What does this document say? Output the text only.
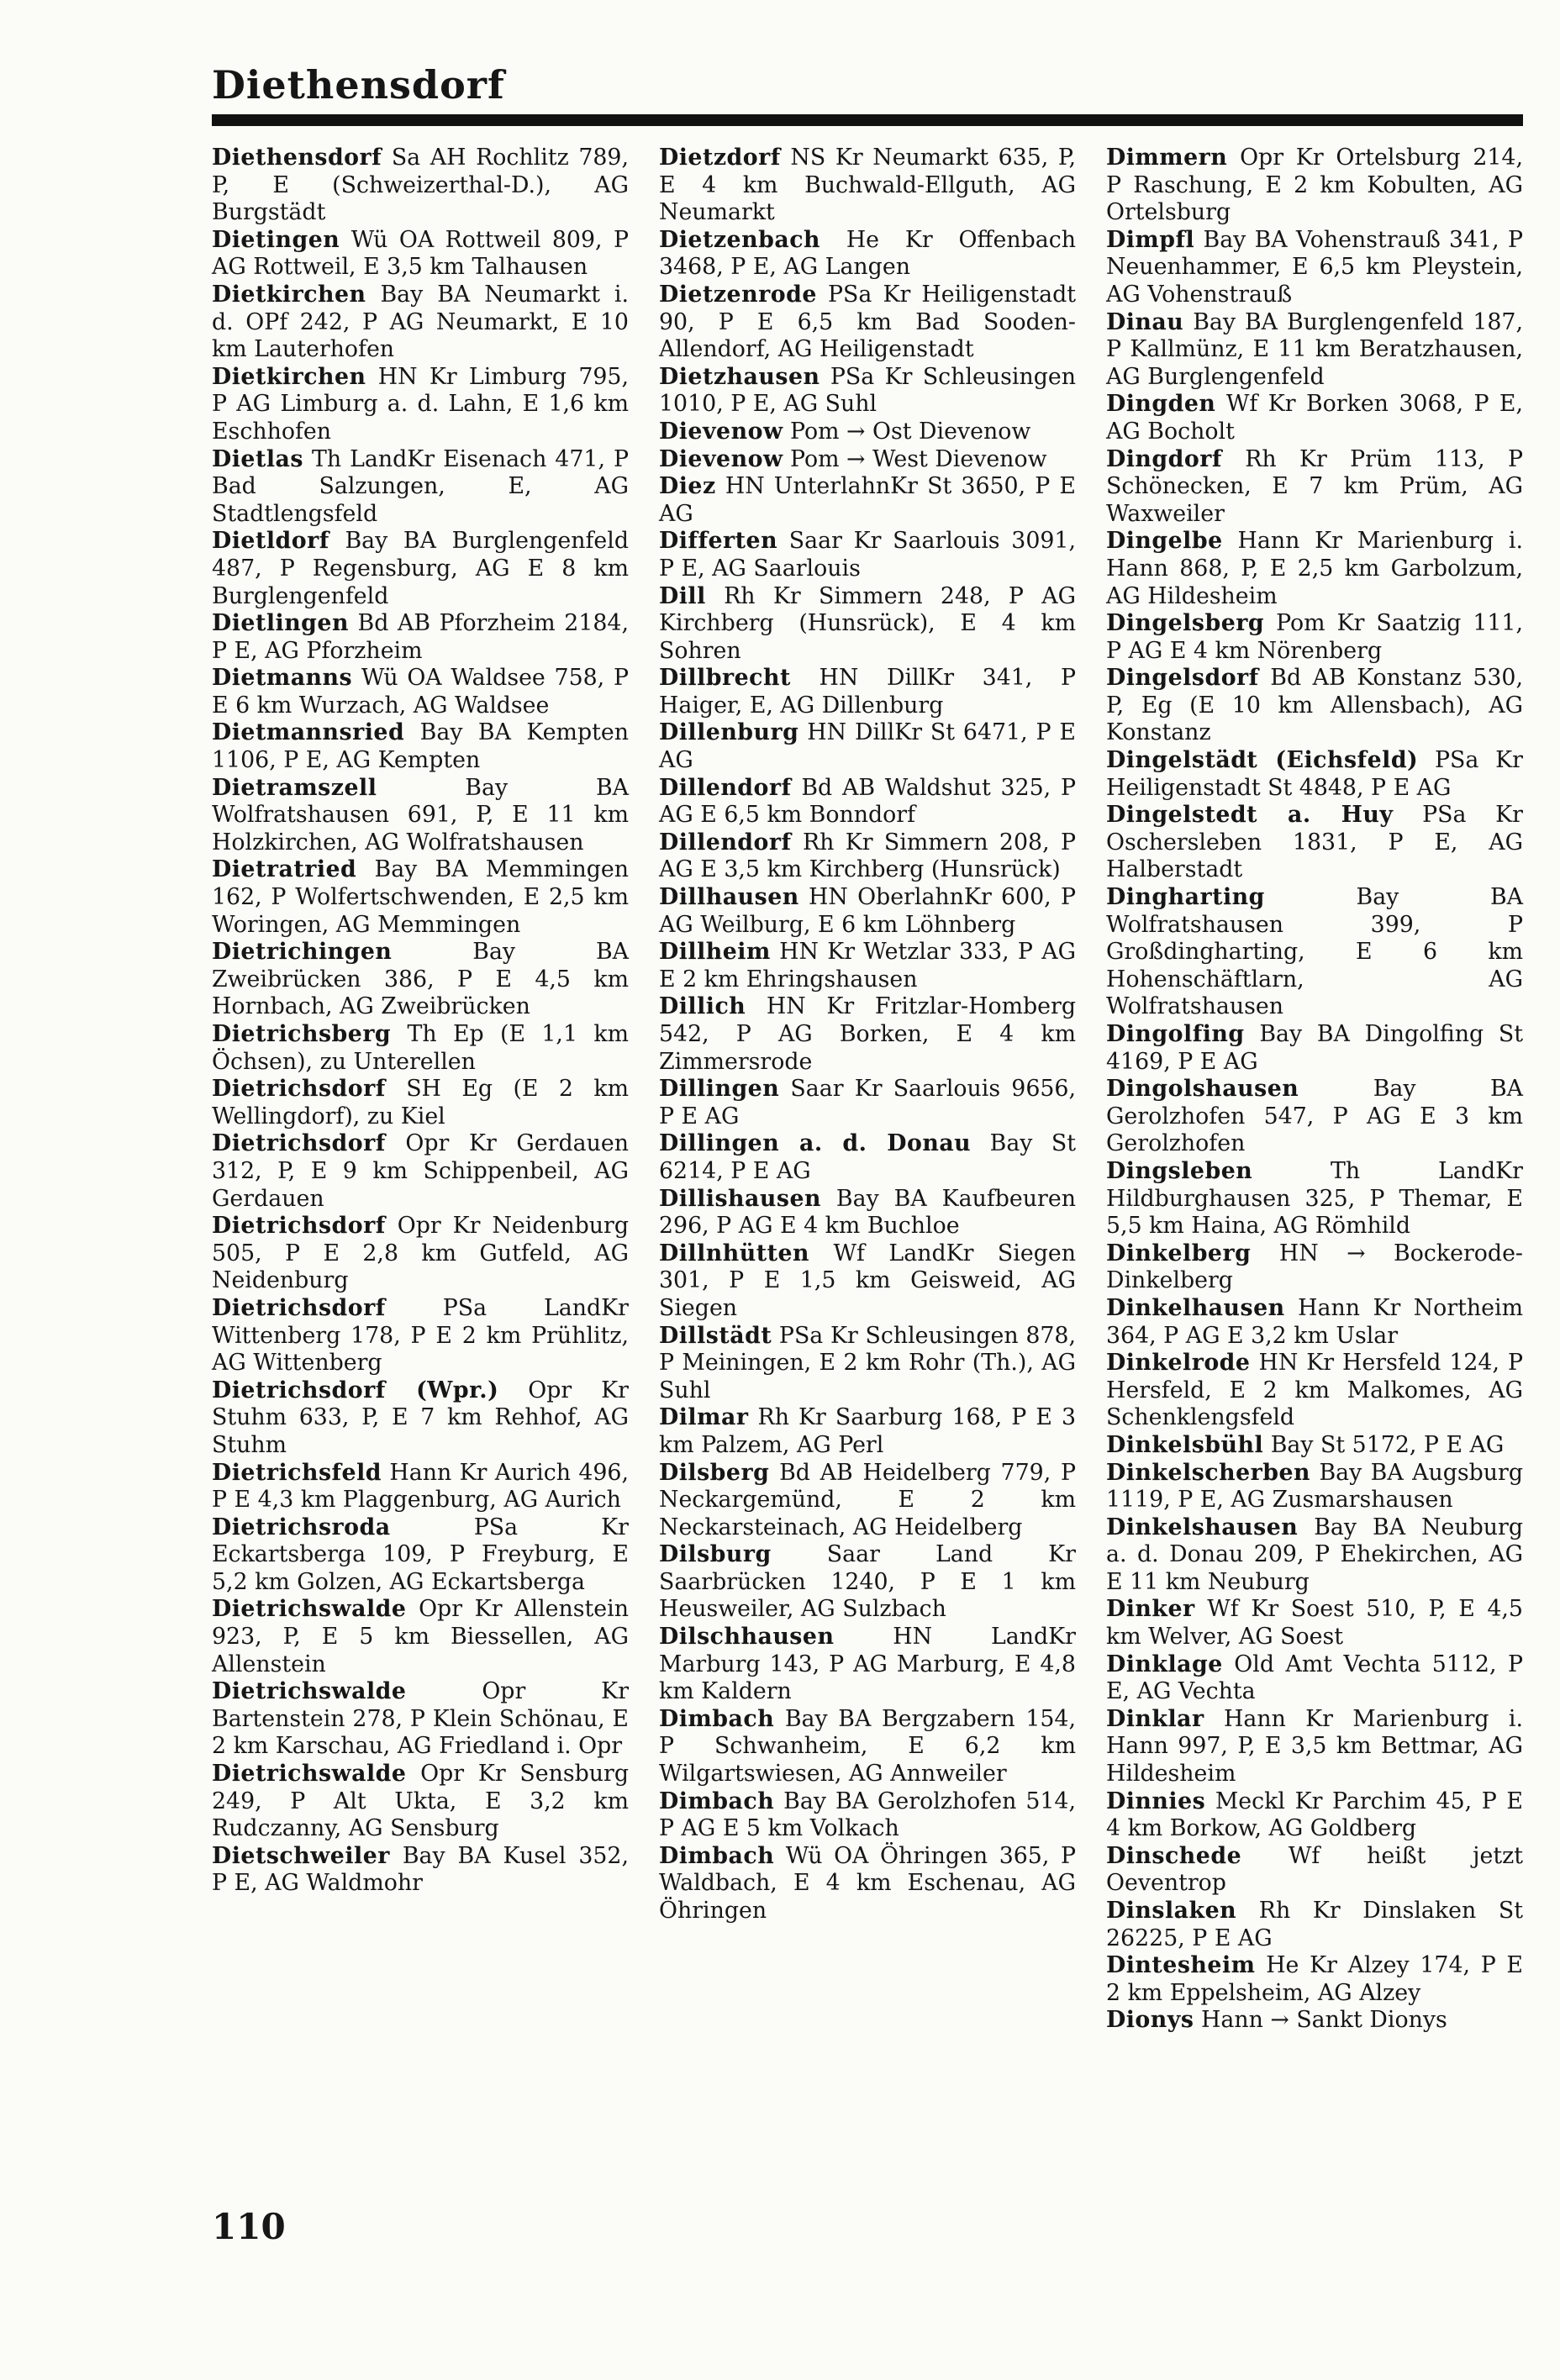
Diethensdorf
Diethensdorf Sa AH Rochlitz 789, P, E (Schweizerthal-D.), AG Burgstädt
Dietingen Wü OA Rottweil 809, P AG Rottweil, E 3,5 km Talhausen
Dietkirchen Bay BA Neumarkt i. d. OPf 242, P AG Neumarkt, E 10 km Lauterhofen
Dietkirchen HN Kr Limburg 795, P AG Limburg a. d. Lahn, E 1,6 km Eschhofen
Dietlas Th LandKr Eisenach 471, P Bad Salzungen, E, AG Stadtlengsfeld
Dietldorf Bay BA Burglengenfeld 487, P Regensburg, AG E 8 km Burglengenfeld
Dietlingen Bd AB Pforzheim 2184, P E, AG Pforzheim
Dietmanns Wü OA Waldsee 758, P E 6 km Wurzach, AG Waldsee
Dietmannsried Bay BA Kempten 1106, P E, AG Kempten
Dietramszell	Bay BA Wolfratshausen 691, P, E 11 km Holzkirchen, AG Wolfratshausen
Dietratried Bay BA Memmingen 162, P Wolfertschwenden, E 2,5 km Woringen, AG Memmingen
Dietrichingen	Bay BA Zweibrücken 386, P E 4,5 km Hornbach, AG Zweibrücken
Dietrichsberg Th Ep (E 1,1 km Öchsen), zu Unterellen
Dietrichsdorf SH Eg (E 2 km Wellingdorf), zu Kiel
Dietrichsdorf Opr Kr Gerdauen 312, P, E 9 km Schippenbeil, AG Gerdauen
Dietrichsdorf Opr Kr Neidenburg 505, P E 2,8 km Gutfeld, AG Neidenburg
Dietrichsdorf	PSa LandKr Wittenberg 178, P E 2 km Prühlitz, AG Wittenberg
Dietrichsdorf (Wpr.) Opr Kr Stuhm 633, P, E 7 km Rehhof, AG Stuhm
Dietrichsfeld Hann Kr Aurich 496, P E 4,3 km Plaggenburg, AG Aurich
Dietrichsroda	PSa Kr Eckartsberga 109, P Freyburg, E 5,2 km Golzen, AG Eckartsberga
Dietrichswalde Opr Kr Allenstein 923, P, E 5 km Biessellen, AG Allenstein
Dietrichswalde	Opr Kr Bartenstein 278, P Klein Schönau, E 2 km Karschau, AG Friedland i. Opr
Dietrichswalde Opr Kr Sensburg 249, P Alt Ukta, E 3,2 km Rudczanny, AG Sensburg
Dietschweiler Bay BA Kusel 352, P E, AG Waldmohr
Dietzdorf NS Kr Neumarkt 635, P, E 4 km Buchwald-Ellguth, AG Neumarkt
Dietzenbach He Kr Offenbach 3468, P E, AG Langen
Dietzenrode PSa Kr Heiligenstadt 90, P E 6,5 km Bad Sooden-Allendorf, AG Heiligenstadt
Dietzhausen PSa Kr Schleusingen 1010, P E, AG Suhl
Dievenow Pom → Ost Dievenow
Dievenow Pom → West Dievenow
Diez HN UnterlahnKr St 3650, P E AG
Differten Saar Kr Saarlouis 3091, P E, AG Saarlouis
Dill Rh Kr Simmern 248, P AG Kirchberg (Hunsrück), E 4 km Sohren
Dillbrecht HN DillKr 341, P Haiger, E, AG Dillenburg
Dillenburg HN DillKr St 6471, P E AG
Dillendorf Bd AB Waldshut 325, P AG E 6,5 km Bonndorf
Dillendorf Rh Kr Simmern 208, P AG E 3,5 km Kirchberg (Hunsrück)
Dillhausen HN OberlahnKr 600, P AG Weilburg, E 6 km Löhnberg
Dillheim HN Kr Wetzlar 333, P AG E 2 km Ehringshausen
Dillich HN Kr Fritzlar-Homberg 542, P AG Borken, E 4 km Zimmersrode
Dillingen Saar Kr Saarlouis 9656, P E AG
Dillingen a. d. Donau Bay St 6214, P E AG
Dillishausen Bay BA Kaufbeuren 296, P AG E 4 km Buchloe
Dillnhütten Wf LandKr Siegen 301, P E 1,5 km Geisweid, AG Siegen
Dillstädt PSa Kr Schleusingen 878, P Meiningen, E 2 km Rohr (Th.), AG Suhl
Dilmar Rh Kr Saarburg 168, P E 3 km Palzem, AG Perl
Dilsberg Bd AB Heidelberg 779, P Neckargemünd, E 2 km Neckarsteinach, AG Heidelberg
Dilsburg Saar Land Kr Saarbrücken 1240, P E 1 km Heusweiler, AG Sulzbach
Dilschhausen	HN LandKr Marburg 143, P AG Marburg, E 4,8 km Kaldern
Dimbach Bay BA Bergzabern 154, P Schwanheim, E 6,2 km Wilgartswiesen, AG Annweiler
Dimbach Bay BA Gerolzhofen 514, P AG E 5 km Volkach
Dimbach Wü OA Öhringen 365, P Waldbach, E 4 km Eschenau, AG Öhringen
Dimmern Opr Kr Ortelsburg 214, P Raschung, E 2 km Kobulten, AG Ortelsburg
Dimpfl Bay BA Vohenstrauß 341, P Neuenhammer, E 6,5 km Pleystein, AG Vohenstrauß
Dinau Bay BA Burglengenfeld 187, P Kallmünz, E 11 km Beratzhausen, AG Burglengenfeld
Dingden Wf Kr Borken 3068, P E, AG Bocholt
Dingdorf Rh Kr Prüm 113, P Schönecken, E 7 km Prüm, AG Waxweiler
Dingelbe Hann Kr Marienburg i. Hann 868, P, E 2,5 km Garbolzum, AG Hildesheim
Dingelsberg Pom Kr Saatzig 111, P AG E 4 km Nörenberg
Dingelsdorf Bd AB Konstanz 530, P, Eg (E 10 km Allensbach), AG Konstanz
Dingelstädt (Eichsfeld) PSa Kr Heiligenstadt St 4848, P E AG
Dingelstedt a. Huy PSa Kr Oschersleben 1831, P E, AG Halberstadt
Dingharting	Bay BA Wolfratshausen 399, P Großdingharting, E 6 km Hohenschäftlarn, AG Wolfratshausen
Dingolfing Bay BA Dingolfing St 4169, P E AG
Dingolshausen	Bay BA Gerolzhofen 547, P AG E 3 km Gerolzhofen
Dingsleben	Th LandKr Hildburghausen 325, P Themar, E 5,5 km Haina, AG Römhild
Dinkelberg HN → Bockerode-Dinkelberg
Dinkelhausen Hann Kr Northeim 364, P AG E 3,2 km Uslar
Dinkelrode HN Kr Hersfeld 124, P Hersfeld, E 2 km Malkomes, AG Schenklengsfeld
Dinkelsbühl Bay St 5172, P E AG
Dinkelscherben Bay BA Augsburg 1119, P E, AG Zusmarshausen
Dinkelshausen Bay BA Neuburg a. d. Donau 209, P Ehekirchen, AG E 11 km Neuburg
Dinker Wf Kr Soest 510, P, E 4,5 km Welver, AG Soest
Dinklage Old Amt Vechta 5112, P E, AG Vechta
Dinklar Hann Kr Marienburg i. Hann 997, P, E 3,5 km Bettmar, AG Hildesheim
Dinnies Meckl Kr Parchim 45, P E 4 km Borkow, AG Goldberg
Dinschede Wf heißt jetzt Oeventrop
Dinslaken Rh Kr Dinslaken St 26225, P E AG
Dintesheim He Kr Alzey 174, P E 2 km Eppelsheim, AG Alzey
Dionys Hann → Sankt Dionys
110
